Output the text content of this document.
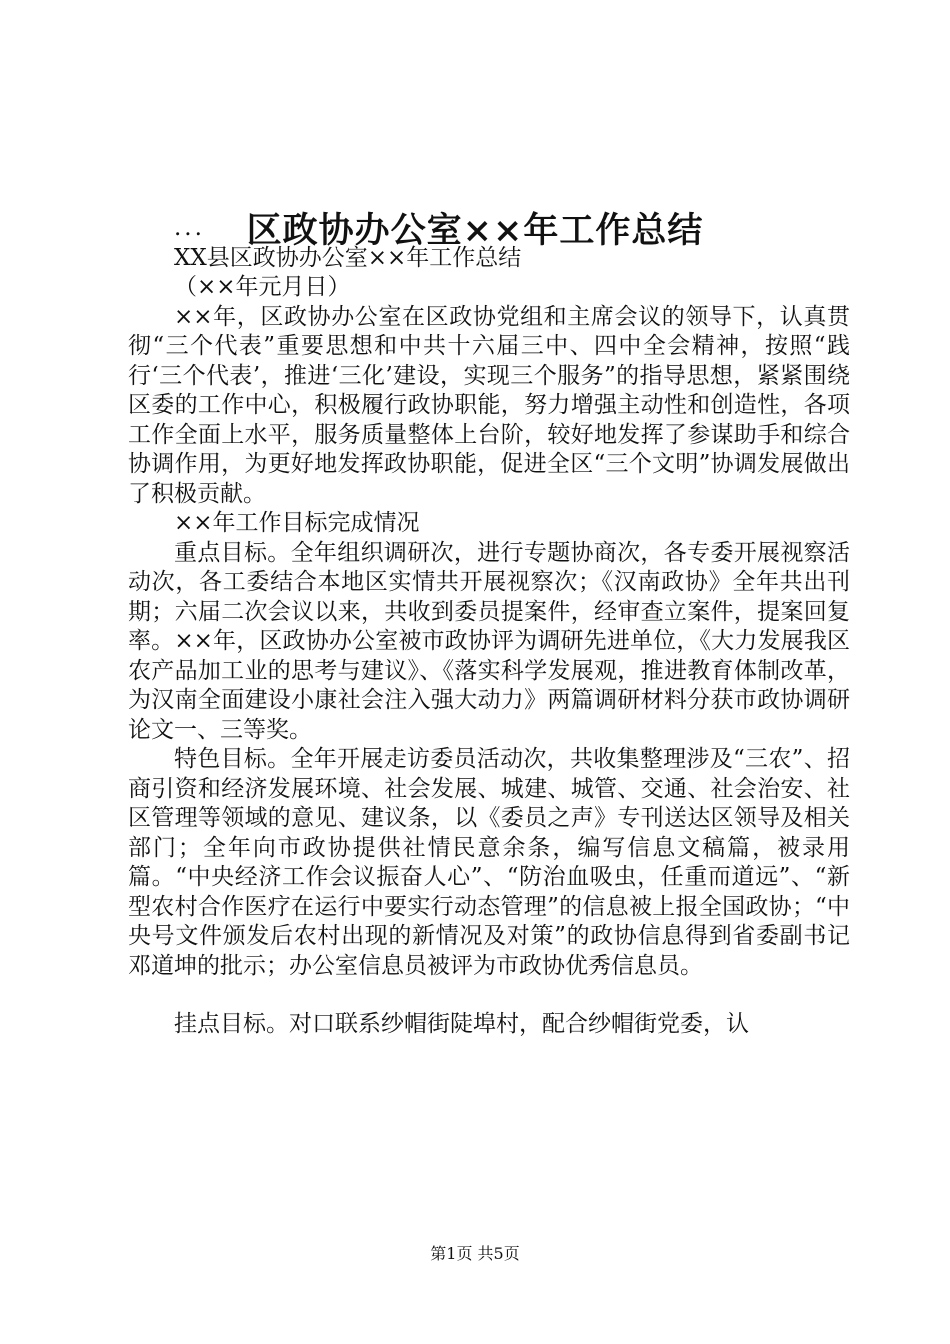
区政协办公室××年工作总结

...

XX县区政协办公室××年工作总结

（××年元月日）

××年，区政协办公室在区政协党组和主席会议的领导下，认真贯彻“三个代表”重要思想和中共十六届三中、四中全会精神，按照“践行‘三个代表’，推进‘三化’建设，实现三个服务”的指导思想，紧紧围绕区委的工作中心，积极履行政协职能，努力增强主动性和创造性，各项工作全面上水平，服务质量整体上台阶，较好地发挥了参谋助手和综合协调作用，为更好地发挥政协职能，促进全区“三个文明”协调发展做出了积极贡献。

××年工作目标完成情况

重点目标。全年组织调研次，进行专题协商次，各专委开展视察活动次，各工委结合本地区实情共开展视察次；《汉南政协》全年共出刊期；六届二次会议以来，共收到委员提案件，经审查立案件，提案回复率。××年，区政协办公室被市政协评为调研先进单位，《大力发展我区农产品加工业的思考与建议》、《落实科学发展观，推进教育体制改革，为汉南全面建设小康社会注入强大动力》两篇调研材料分获市政协调研论文一、三等奖。

特色目标。全年开展走访委员活动次，共收集整理涉及“三农”、招商引资和经济发展环境、社会发展、城建、城管、交通、社会治安、社区管理等领域的意见、建议条，以《委员之声》专刊送达区领导及相关部门；全年向市政协提供社情民意余条，编写信息文稿篇，被录用篇。“中央经济工作会议振奋人心”、“防治血吸虫，任重而道远”、“新型农村合作医疗在运行中要实行动态管理”的信息被上报全国政协；“中央号文件颁发后农村出现的新情况及对策”的政协信息得到省委副书记邓道坤的批示；办公室信息员被评为市政协优秀信息员。

挂点目标。对口联系纱帽街陡埠村，配合纱帽街党委，认

第1页 共5页
